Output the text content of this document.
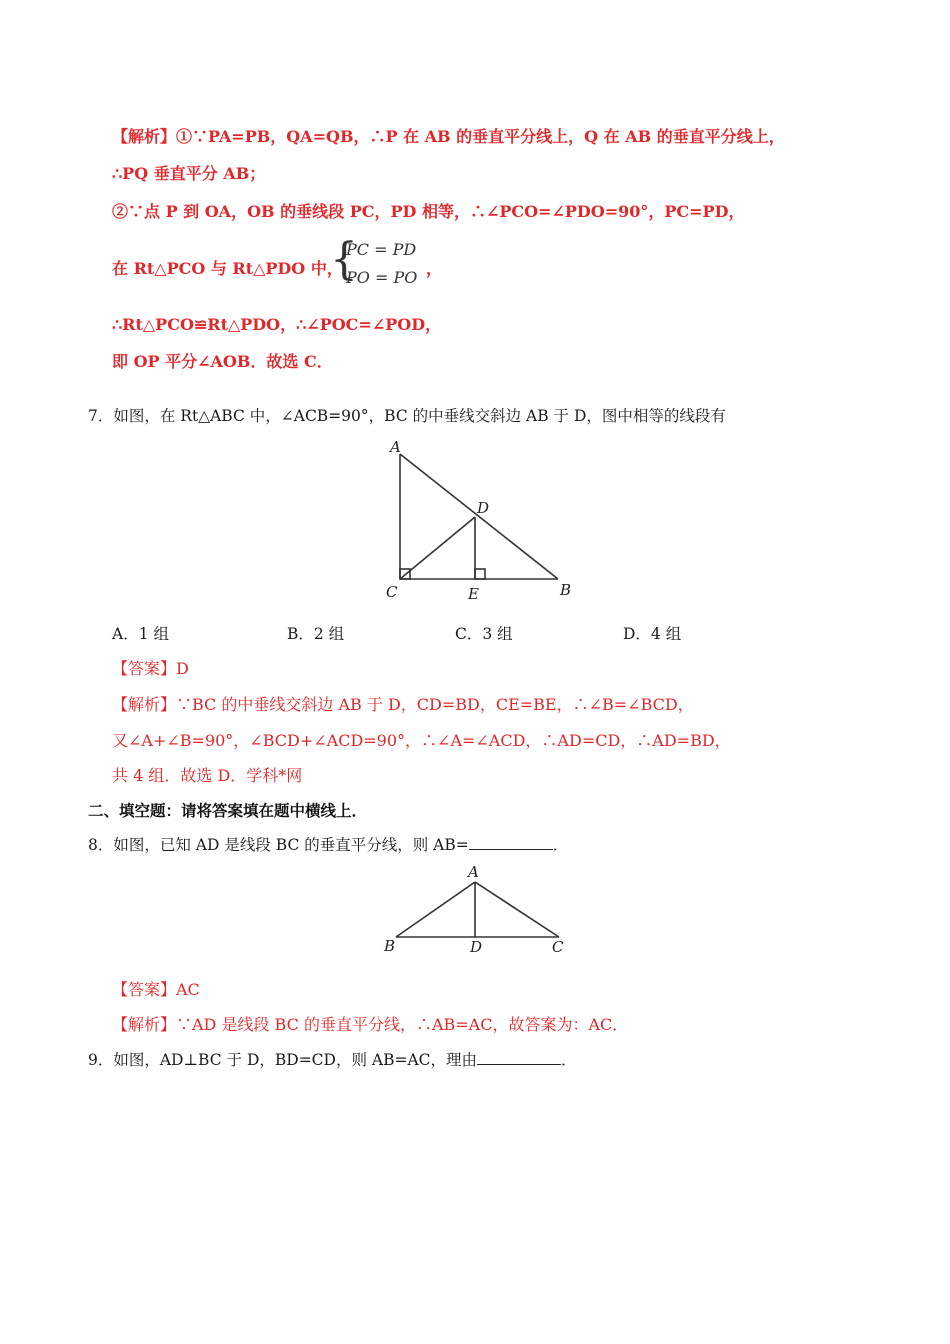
【解析】①∵PA=PB，QA=QB，∴P 在 AB 的垂直平分线上，Q 在 AB 的垂直平分线上，
∴PQ 垂直平分 AB；
②∵点 P 到 OA，OB 的垂线段 PC，PD 相等，∴∠PCO=∠PDO=90°，PC=PD，
在 Rt△PCO 与 Rt△PDO 中，
{
PC = PD
PO = PO ，
∴Rt△PCO≌Rt△PDO，∴∠POC=∠POD，
即 OP 平分∠AOB．故选 C．
7．如图，在 Rt△ABC 中，∠ACB=90°，BC 的中垂线交斜边 AB 于 D，图中相等的线段有
A
D
C	E	B
A．1 组	B．2 组	C．3 组	D．4 组
【答案】D
【解析】∵BC 的中垂线交斜边 AB 于 D，CD=BD，CE=BE，∴∠B=∠BCD，
又∠A+∠B=90°，∠BCD+∠ACD=90°，∴∠A=∠ACD，∴AD=CD，∴AD=BD，
共 4 组．故选 D．学科*网
二、填空题：请将答案填在题中横线上．
8．如图，已知 AD 是线段 BC 的垂直平分线，则 AB=	．
A
B	D	C
【答案】AC
【解析】∵AD 是线段 BC 的垂直平分线，∴AB=AC，故答案为：AC．
9．如图，AD⊥BC 于 D，BD=CD，则 AB=AC，理由	．
